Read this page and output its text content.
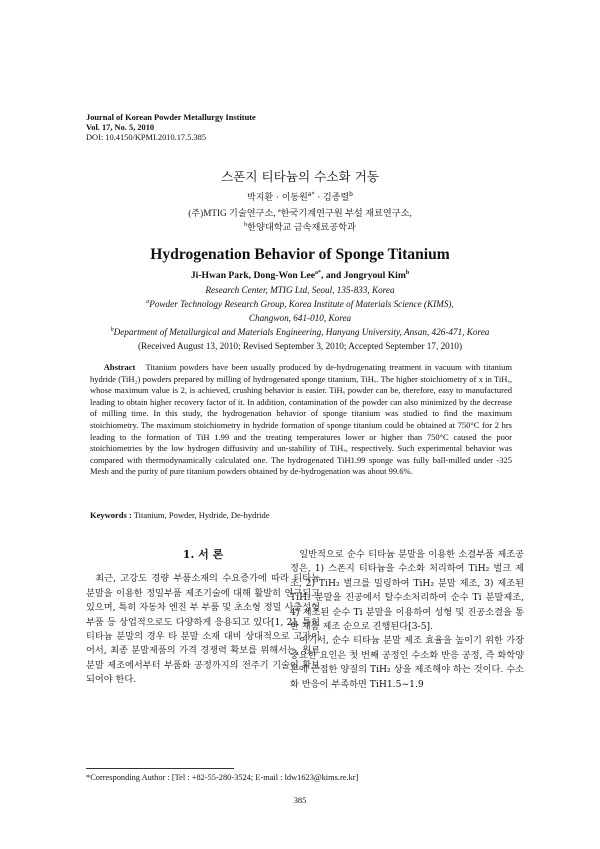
Journal of Korean Powder Metallurgy Institute
Vol. 17, No. 5, 2010
DOI: 10.4150/KPMI.2010.17.5.385
스폰지 티타늄의 수소화 거동
박지환 · 이동원$^{a*}$ · 김종렬$^b$
(주)MTIG 기술연구소, $^a$한국기계연구원 부설 재료연구소,
$^b$한양대학교 금속재료공학과
Hydrogenation Behavior of Sponge Titanium
Ji-Hwan Park, Dong-Won Lee$^{a*}$, and Jongryoul Kim$^b$
Research Center, MTIG Ltd, Seoul, 135-833, Korea
$^a$Powder Technology Research Group, Korea Institute of Materials Science (KIMS),
Changwon, 641-010, Korea
$^b$Department of Metallurgical and Materials Engineering, Hanyang University, Ansan, 426-471, Korea
(Received August 13, 2010; Revised September 3, 2010; Accepted September 17, 2010)
Abstract Titanium powders have been usually produced by de-hydrogenating treatment in vacuum with titanium hydride (TiH₂) powders prepared by milling of hydrogenated sponge titanium, TiHₓ. The higher stoichiometry of x in TiHₓ, whose maximum value is 2, is achieved, crushing behavior is easier. TiHₓ powder can be, therefore, easy to manufactured leading to obtain higher recovery factor of it. In addition, contamination of the powder can also minimized by the decrease of milling time. In this study, the hydrogenation behavior of sponge titanium was studied to find the maximum stoichiometry. The maximum stoichiometry in hydride formation of sponge titanium could be obtained at 750°C for 2 hrs leading to the formation of TiH 1.99 and the treating temperatures lower or higher than 750°C caused the poor stoichiometries by the low hydrogen diffusivity and un-stability of TiHₓ, respectively. Such experimental behavior was compared with thermodynamically calculated one. The hydrogenated TiH1.99 sponge was fully ball-milled under -325 Mesh and the purity of pure titanium powders obtained by de-hydrogenation was about 99.6%.
Keywords : Titanium, Powder, Hydride, De-hydride
1. 서 론

최근, 고강도 경량 부품소재의 수요증가에 따라 티타늄 분말을 이용한 정밀부품 제조기술에 대해 활발히 연구되고 있으며, 특히 자동차 엔진 부 부품 및 초소형 정밀 사출성형 부품 등 상업적으로도 다양하게 응용되고 있다[1, 2]. 특히 티타늄 분말의 경우 타 분말 소재 대비 상대적으로 고가이어서, 최종 분말제품의 가격 경쟁력 확보를 위해서는, 원료분말 제조에서부터 부품화 공정까지의 전주기 기술이 확보되어야 한다.

일반적으로 순수 티타늄 분말을 이용한 소결부품 제조공정은, 1) 스폰지 티타늄을 수소화 처리하여 TiH₂ 벌크 제조, 2) TiH₂ 벌크를 밀링하여 TiH₂ 분말 제조, 3) 제조된 TiH₂ 분말을 진공에서 탈수소처리하여 순수 Ti 분말제조, 4) 제조된 순수 Ti 분말을 이용하여 성형 및 진공소결을 통한 제품 제조 순으로 진행된다[3-5].

여기서, 순수 티타늄 분말 제조 효율을 높이기 위한 가장 중요한 요인은 첫 번째 공정인 수소화 반응 공정, 즉 화학양론에 근접한 양질의 TiH₂ 상을 제조해야 하는 것이다. 수소화 반응이 부족하면 TiH1.5~1.9

*Corresponding Author : [Tel : +82-55-280-3524; E-mail : ldw1623@kims.re.kr]
385
